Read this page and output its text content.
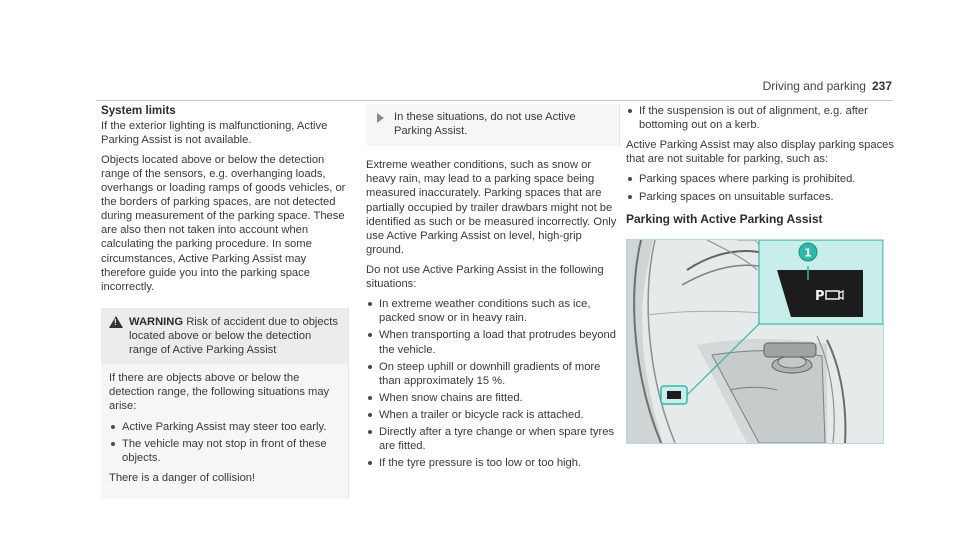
Driving and parking 237
System limits

If the exterior lighting is malfunctioning, Active Parking Assist is not available.

Objects located above or below the detection range of the sensors, e.g. overhanging loads, overhangs or loading ramps of goods vehicles, or the borders of parking spaces, are not detected during measurement of the parking space. These are also then not taken into account when calculating the parking procedure. In some circumstances, Active Parking Assist may therefore guide you into the parking space incorrectly.

!
WARNING Risk of accident due to objects located above or below the detection range of Active Parking Assist

If there are objects above or below the detection range, the following situations may arise:

Active Parking Assist may steer too early.
The vehicle may not stop in front of these objects.

There is a danger of collision!

In these situations, do not use Active Parking Assist.

Extreme weather conditions, such as snow or heavy rain, may lead to a parking space being measured inaccurately. Parking spaces that are partially occupied by trailer drawbars might not be identified as such or be measured incorrectly. Only use Active Parking Assist on level, high-grip ground.

Do not use Active Parking Assist in the following situations:

In extreme weather conditions such as ice, packed snow or in heavy rain.
When transporting a load that protrudes beyond the vehicle.
On steep uphill or downhill gradients of more than approximately 15 %.
When snow chains are fitted.
When a trailer or bicycle rack is attached.
Directly after a tyre change or when spare tyres are fitted.
If the tyre pressure is too low or too high.
If the suspension is out of alignment, e.g. after bottoming out on a kerb.

Active Parking Assist may also display parking spaces that are not suitable for parking, such as:

Parking spaces where parking is prohibited.
Parking spaces on unsuitable surfaces.
Parking with Active Parking Assist
P
1
